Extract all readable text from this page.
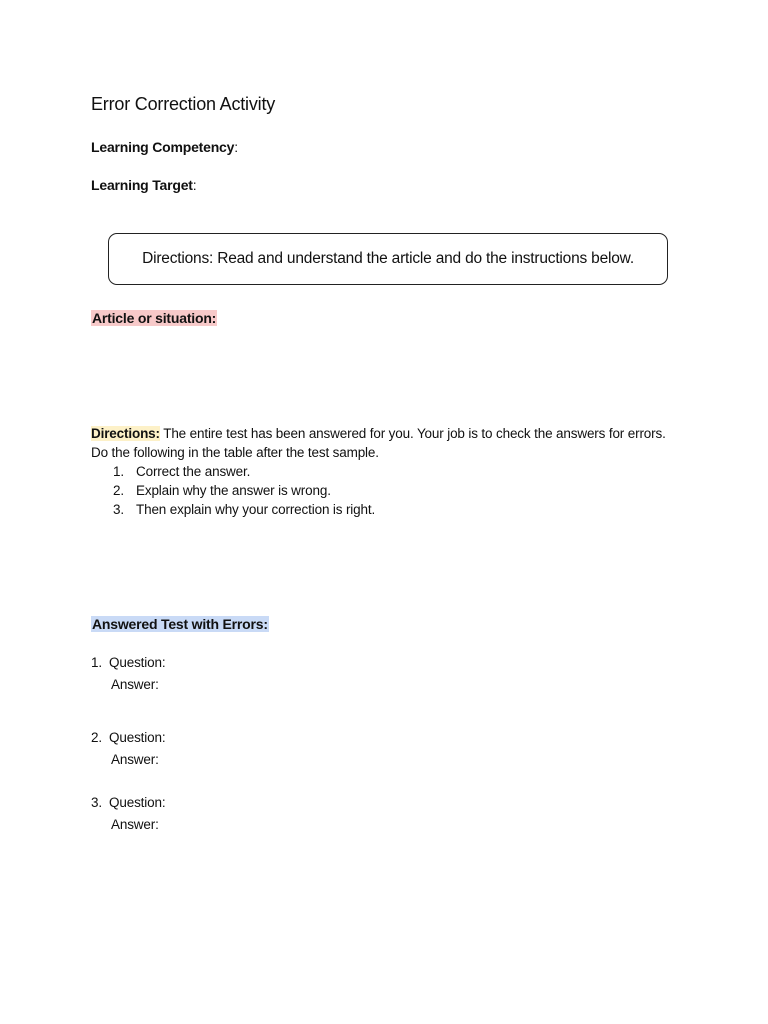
Error Correction Activity
Learning Competency:
Learning Target:
Directions: Read and understand the article and do the instructions below.
Article or situation:
Directions: The entire test has been answered for you. Your job is to check the answers for errors. Do the following in the table after the test sample.
1. Correct the answer.
2. Explain why the answer is wrong.
3. Then explain why your correction is right.
Answered Test with Errors:
1. Question:
Answer:
2. Question:
Answer:
3. Question:
Answer:
